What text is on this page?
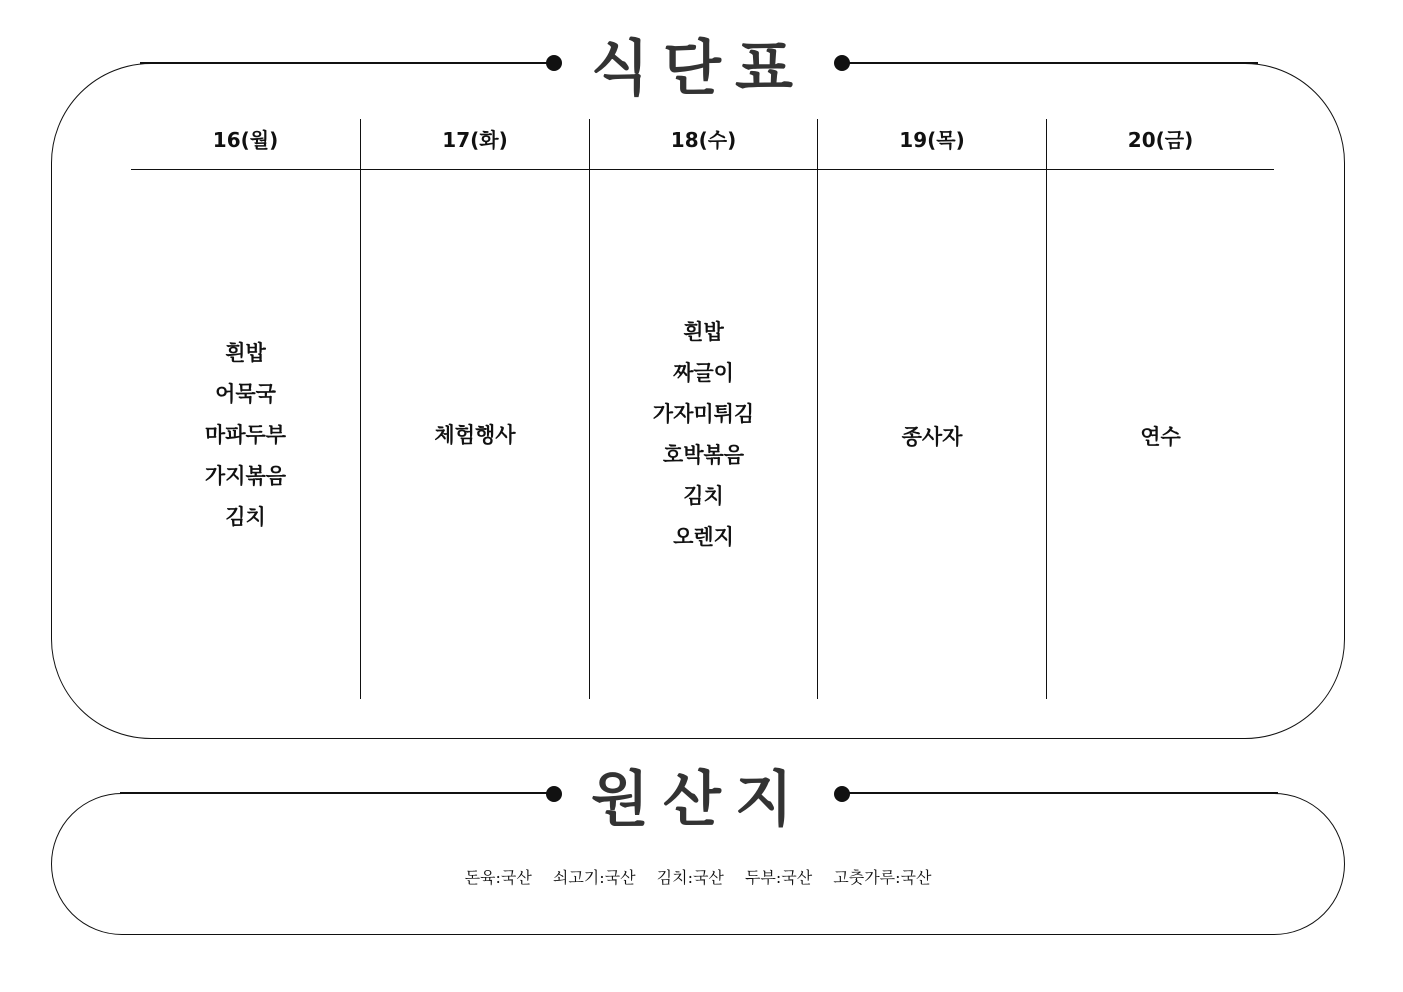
식단표
16(월)
흰밥
어묵국
마파두부
가지볶음
김치
17(화)
체험행사
18(수)
흰밥
짜글이
가자미튀김
호박볶음
김치
오렌지
19(목)
종사자
20(금)
연수
원산지
돈육:국산 쇠고기:국산 김치:국산 두부:국산 고춧가루:국산
